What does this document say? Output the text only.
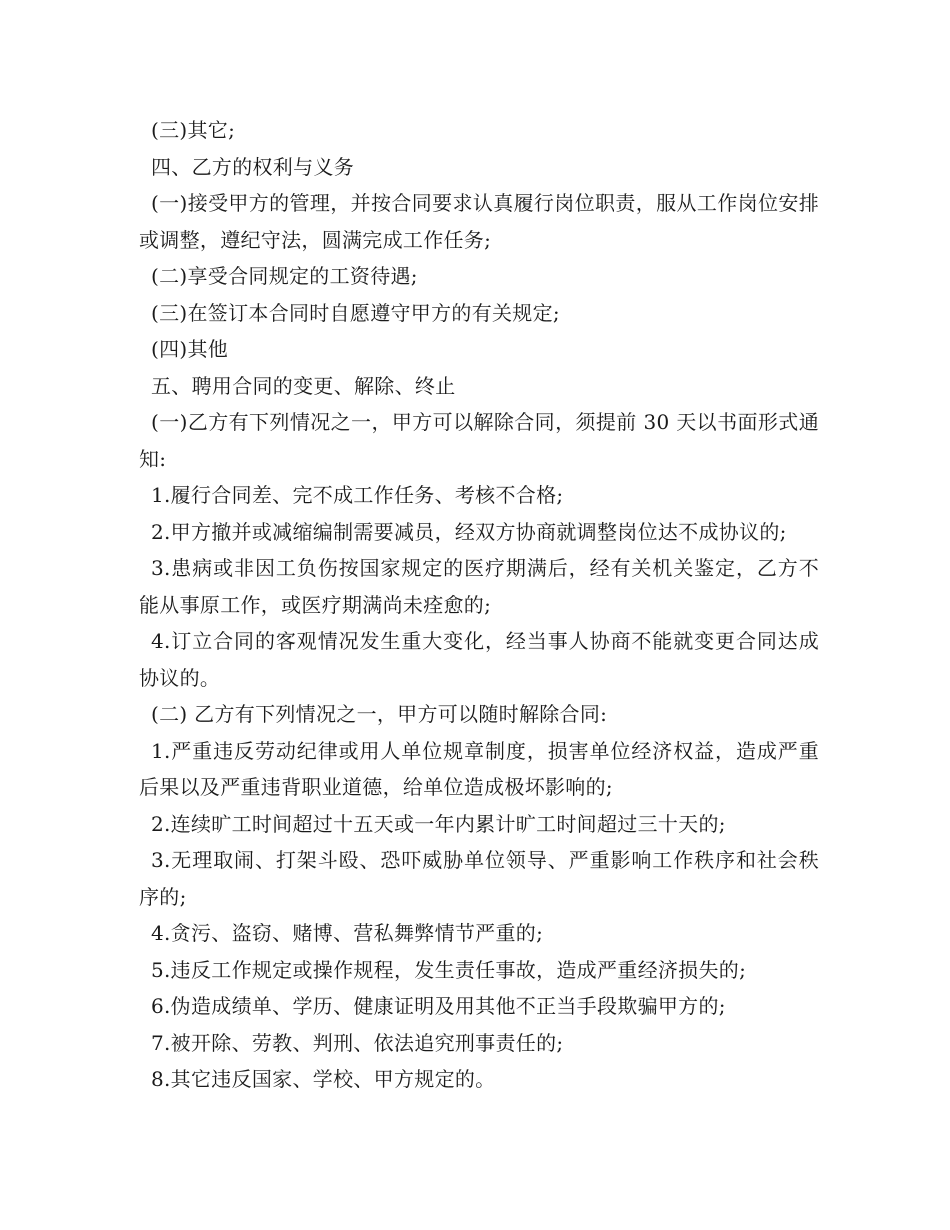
(三)其它;

四、乙方的权利与义务

(一)接受甲方的管理，并按合同要求认真履行岗位职责，服从工作岗位安排或调整，遵纪守法，圆满完成工作任务;

(二)享受合同规定的工资待遇;

(三)在签订本合同时自愿遵守甲方的有关规定;

(四)其他

五、聘用合同的变更、解除、终止

(一)乙方有下列情况之一，甲方可以解除合同，须提前 30 天以书面形式通知:

1.履行合同差、完不成工作任务、考核不合格;

2.甲方撤并或减缩编制需要减员，经双方协商就调整岗位达不成协议的;

3.患病或非因工负伤按国家规定的医疗期满后，经有关机关鉴定，乙方不能从事原工作，或医疗期满尚未痊愈的;

4.订立合同的客观情况发生重大变化，经当事人协商不能就变更合同达成协议的。

(二) 乙方有下列情况之一，甲方可以随时解除合同:

1.严重违反劳动纪律或用人单位规章制度，损害单位经济权益，造成严重后果以及严重违背职业道德，给单位造成极坏影响的;

2.连续旷工时间超过十五天或一年内累计旷工时间超过三十天的;

3.无理取闹、打架斗殴、恐吓威胁单位领导、严重影响工作秩序和社会秩序的;

4.贪污、盗窃、赌博、营私舞弊情节严重的;

5.违反工作规定或操作规程，发生责任事故，造成严重经济损失的;

6.伪造成绩单、学历、健康证明及用其他不正当手段欺骗甲方的;

7.被开除、劳教、判刑、依法追究刑事责任的;

8.其它违反国家、学校、甲方规定的。
